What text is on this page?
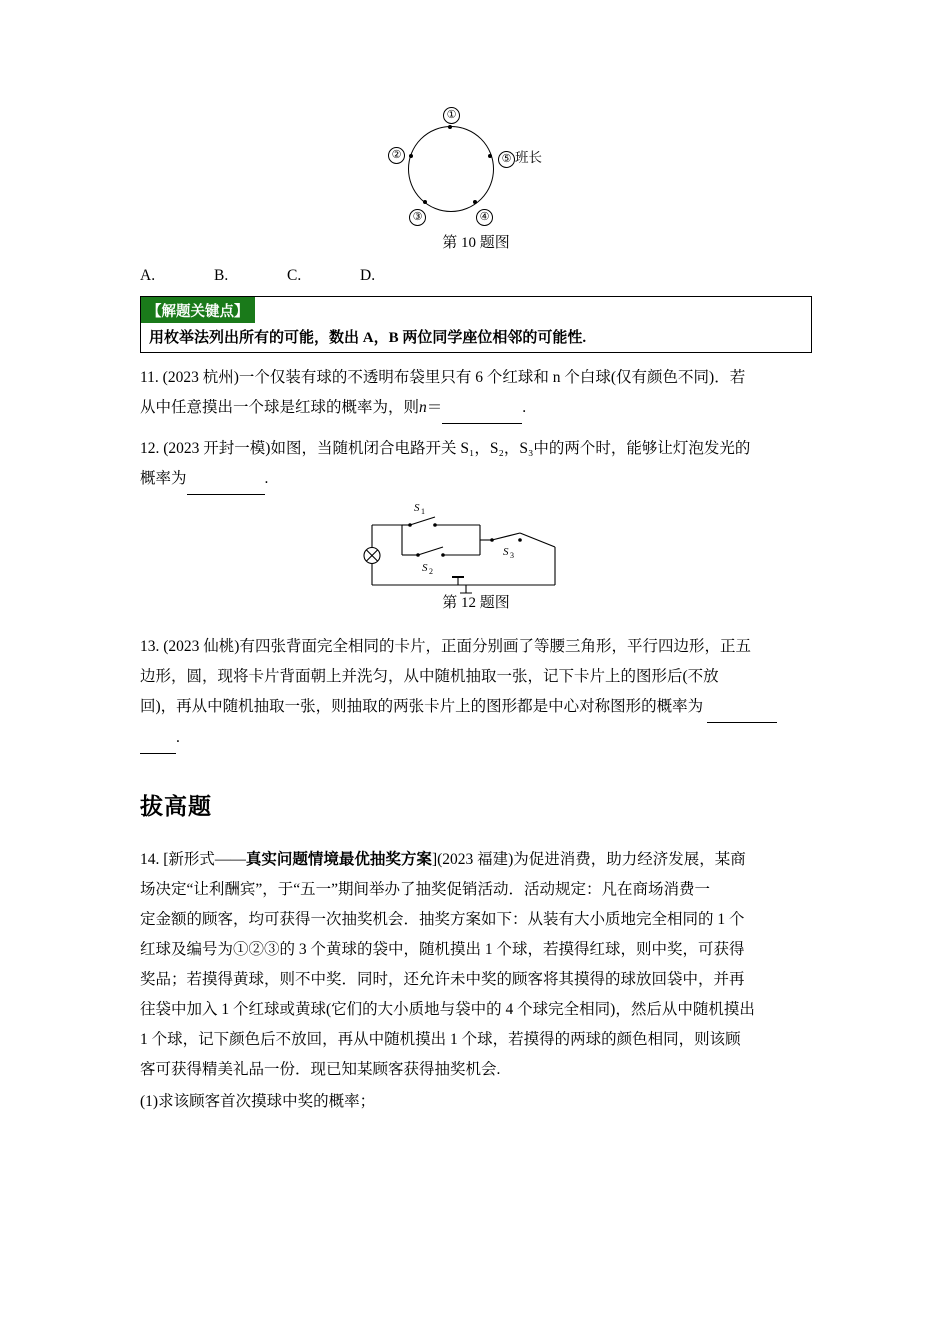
①
②
③	④
⑤ 班长
第 10 题图
A.	B.	C.	D.
【解题关键点】
用枚举法列出所有的可能，数出 A，B 两位同学座位相邻的可能性.
11. (2023 杭州)一个仅装有球的不透明布袋里只有 6 个红球和 n 个白球(仅有颜色不同)．若
从中任意摸出一个球是红球的概率为，则n＝	.
12. (2023 开封一模)如图，当随机闭合电路开关 S₁，S₂，S₃中的两个时，能够让灯泡发光的
概率为	.
S 1
S 2
S 3
第 12 题图
13. (2023 仙桃)有四张背面完全相同的卡片，正面分别画了等腰三角形，平行四边形，正五
边形，圆，现将卡片背面朝上并洗匀，从中随机抽取一张，记下卡片上的图形后(不放
回)，再从中随机抽取一张，则抽取的两张卡片上的图形都是中心对称图形的概率为
.
拔高题
14. [新形式——真实问题情境最优抽奖方案](2023 福建)为促进消费，助力经济发展，某商
场决定“让利酬宾”，于“五一”期间举办了抽奖促销活动．活动规定：凡在商场消费一
定金额的顾客，均可获得一次抽奖机会．抽奖方案如下：从装有大小质地完全相同的 1 个
红球及编号为①②③的 3 个黄球的袋中，随机摸出 1 个球，若摸得红球，则中奖，可获得
奖品；若摸得黄球，则不中奖．同时，还允许未中奖的顾客将其摸得的球放回袋中，并再
往袋中加入 1 个红球或黄球(它们的大小质地与袋中的 4 个球完全相同)，然后从中随机摸出
1 个球，记下颜色后不放回，再从中随机摸出 1 个球，若摸得的两球的颜色相同，则该顾
客可获得精美礼品一份．现已知某顾客获得抽奖机会.
(1)求该顾客首次摸球中奖的概率；
